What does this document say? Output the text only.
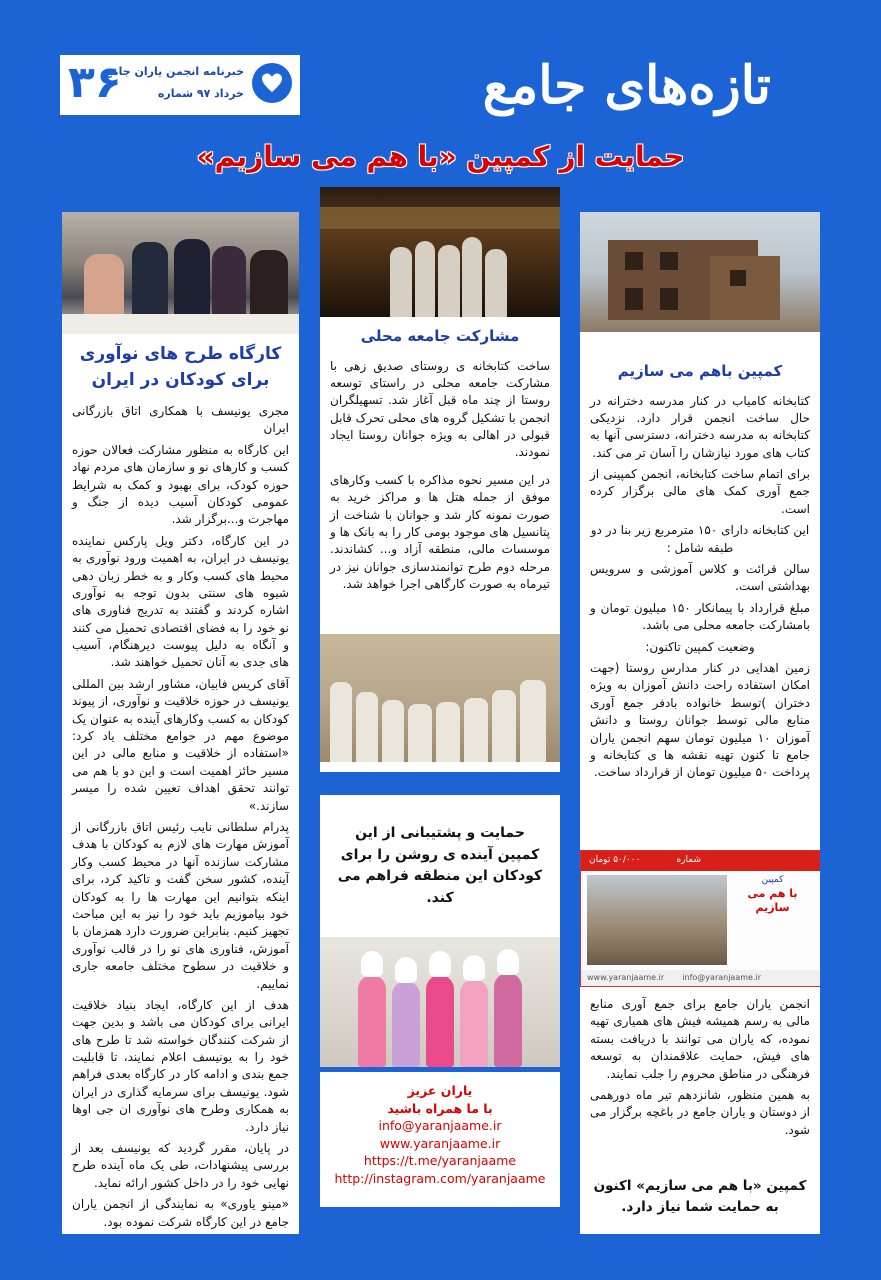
خبرنامه انجمن یاران جامع
خرداد ۹۷ شماره
۳۶	تازه‌های جامع
حمایت از کمپین «با هم می سازیم»
کارگاه طرح های نوآوری برای کودکان در ایران

مجری یونیسف با همکاری اتاق بازرگانی ایران

این کارگاه به منظور مشارکت فعالان حوزه کسب و کارهای نو و سازمان های مردم نهاد حوزه کودک، برای بهبود و کمک به شرایط عمومی کودکان آسیب دیده از جنگ و مهاجرت و...برگزار شد.

در این کارگاه، دکتر ویل پارکس نماینده یونیسف در ایران، به اهمیت ورود نوآوری به محیط های کسب وکار و به خطر زبان دهی شیوه های سنتی بدون توجه به نوآوری اشاره کردند و گفتند به تدریج فناوری های نو خود را به فضای اقتصادی تحمیل می کنند و آنگاه به دلیل پیوست دیرهنگام، آسیب های جدی به آنان تحمیل خواهند شد.

آقای کریس فابیان، مشاور ارشد بین المللی یونیسف در حوزه خلاقیت و نوآوری، از پیوند کودکان به کسب وکارهای آینده به عنوان یک موضوع مهم در جوامع مختلف یاد کرد: «استفاده از خلاقیت و منابع مالی در این مسیر حائز اهمیت است و این دو با هم می توانند تحقق اهداف تعیین شده را میسر سازند.»

پدرام سلطانی نایب رئیس اتاق بازرگانی از آموزش مهارت های لازم به کودکان با هدف مشارکت سازنده آنها در محیط کسب وکار آینده، کشور سخن گفت و تاکید کرد، برای اینکه بتوانیم این مهارت ها را به کودکان خود بیاموزیم باید خود را نیز به این مباحث تجهیز کنیم. بنابراین ضرورت دارد همزمان با آموزش، فناوری های نو را در قالب نوآوری و خلاقیت در سطوح مختلف جامعه جاری نماییم.

هدف از این کارگاه، ایجاد بنیاد خلاقیت ایرانی برای کودکان می باشد و بدین جهت از شرکت کنندگان خواسته شد تا طرح های خود را به یونیسف اعلام نمایند، تا قابلیت جمع بندی و ادامه کار در کارگاه بعدی فراهم شود. یونیسف برای سرمایه گذاری در ایران به همکاری وطرح های نوآوری ان جی اوها نیاز دارد.

در پایان، مقرر گردید که یونیسف بعد از بررسی پیشنهادات، طی یک ماه آینده طرح نهایی خود را در داخل کشور ارائه نماید.

«مینو یاوری» به نمایندگی از انجمن یاران جامع در این کارگاه شرکت نموده بود.

مشارکت جامعه محلی

ساخت کتابخانه ی روستای صدیق زهی با مشارکت جامعه محلی در راستای توسعه روستا از چند ماه قبل آغاز شد. تسهیلگران انجمن با تشکیل گروه های محلی تحرک قابل قبولی در اهالی به ویژه جوانان روستا ایجاد نمودند.

در این مسیر نحوه مذاکره با کسب وکارهای موفق از جمله هتل ها و مراکز خرید به صورت نمونه کار شد و جوانان با شناخت از پتانسیل های موجود بومی کار را به بانک ها و موسسات مالی، منطقه آزاد و... کشاندند. مرحله دوم طرح توانمندسازی جوانان نیز در تیرماه به صورت کارگاهی اجرا خواهد شد.

حمایت و پشتیبانی از این کمپین آینده ی روشن را برای کودکان این منطقه فراهم می کند.
یاران عزیز
با ما همراه باشید
info@yaranjaame.ir
www.yaranjaame.ir
https://t.me/yaranjaame
http://instagram.com/yaranjaame
کمپین باهم می سازیم

کتابخانه کامیاب در کنار مدرسه دخترانه در حال ساخت انجمن قرار دارد. نزدیکی کتابخانه به مدرسه دخترانه، دسترسی آنها به کتاب های مورد نیازشان را آسان تر می کند.

برای اتمام ساخت کتابخانه، انجمن کمپینی از جمع آوری کمک های مالی برگزار کرده است.

این کتابخانه دارای ۱۵۰ مترمربع زیر بنا در دو طبقه شامل :

سالن قرائت و کلاس آموزشی و سرویس بهداشتی است.

مبلغ قرارداد با پیمانکار ۱۵۰ میلیون تومان و بامشارکت جامعه محلی می باشد.

وضعیت کمپین تاکنون:

زمین اهدایی در کنار مدارس روستا (جهت امکان استفاده راحت دانش آموزان به ویژه دختران )توسط خانواده بادفر جمع آوری منابع مالی توسط جوانان روستا و دانش آموزان ۱۰ میلیون تومان سهم انجمن یاران جامع تا کنون تهیه نقشه ها ی کتابخانه و پرداخت ۵۰ میلیون تومان از قرارداد ساخت.

۵۰/۰۰۰ تومان	شماره
کمپین
با هم می سازیم
www.yaranjaame.ir info@yaranjaame.ir

انجمن یاران جامع برای جمع آوری منابع مالی به رسم همیشه فیش های همیاری تهیه نموده، که یاران می توانند با دریافت بسته های فیش، حمایت علاقمندان به توسعه فرهنگی در مناطق محروم را جلب نمایند.

به همین منظور، شانزدهم تیر ماه دورهمی از دوستان و یاران جامع در باغچه برگزار می شود.

کمپین «با هم می سازیم» اکنون به حمایت شما نیاز دارد.
